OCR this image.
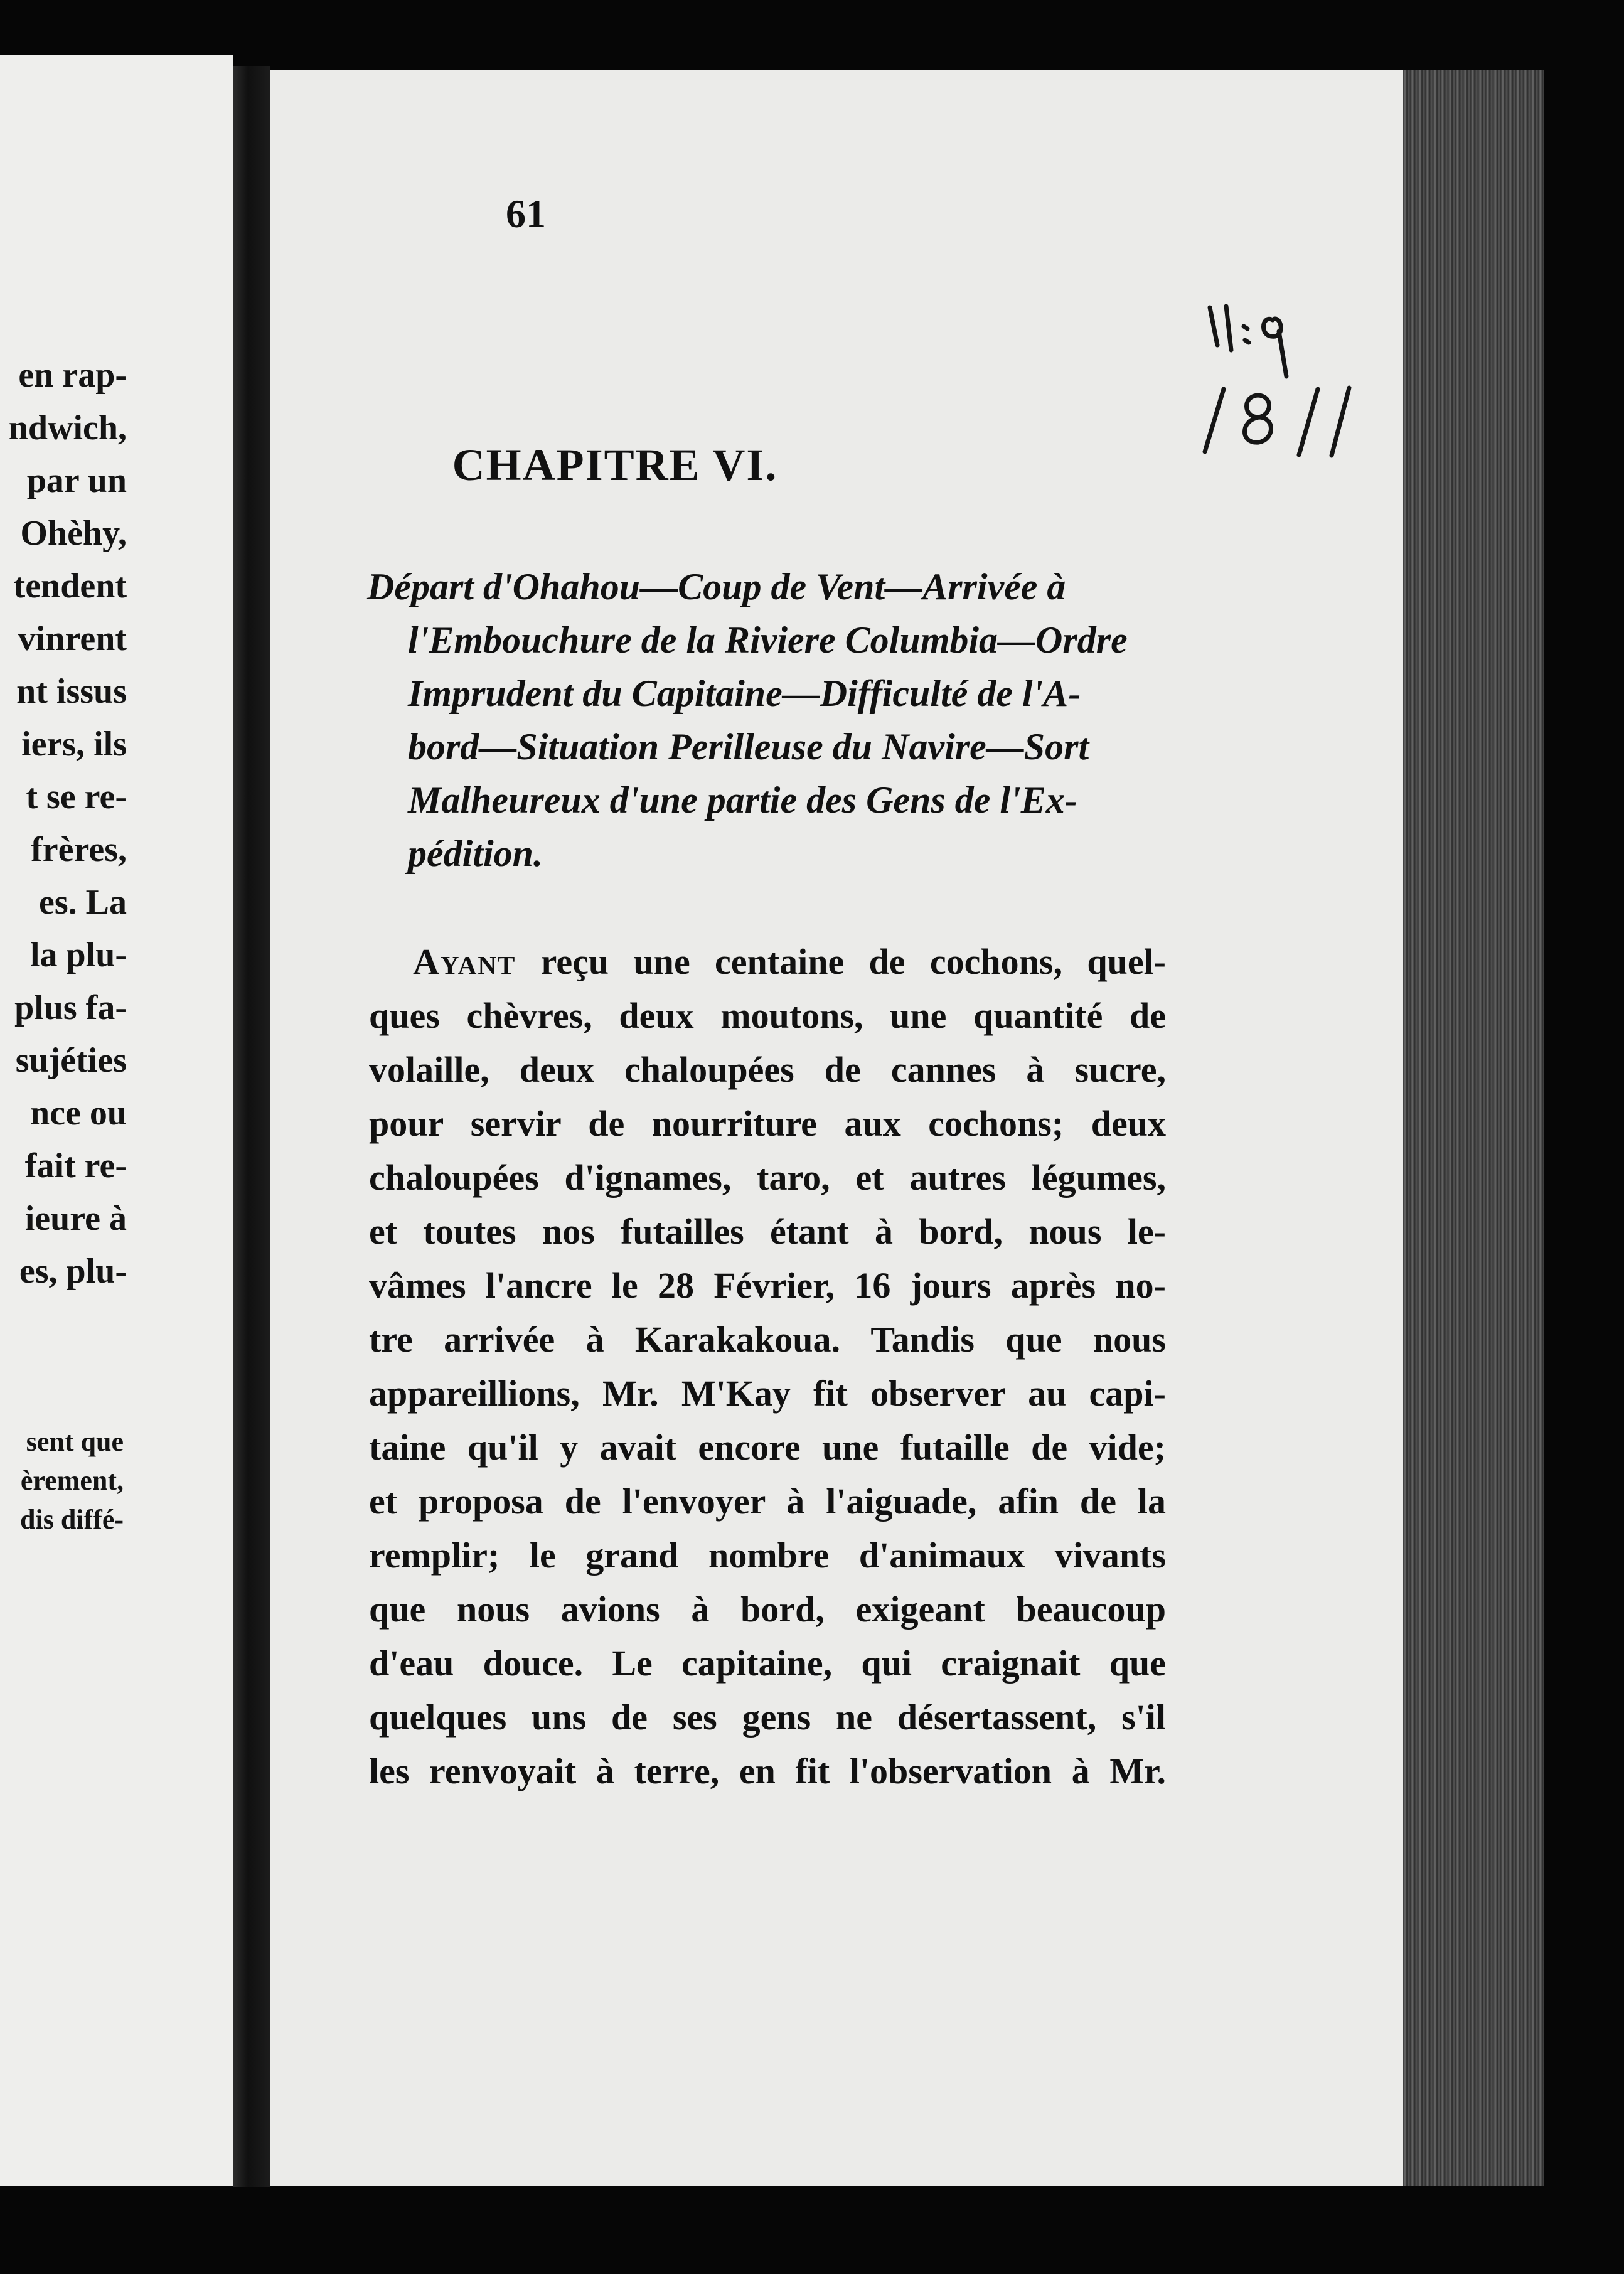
en rap-
ndwich,
par un
Ohèhy,
tendent
vinrent
nt issus
iers, ils
t se re-
frères,
es. La
la plu-
plus fa-
sujéties
nce ou
fait re-
ieure à
es, plu-
sent que
èrement,
dis diffé-
61
CHAPITRE VI.
Départ d'Ohahou—Coup de Vent—Arrivée à
l'Embouchure de la Riviere Columbia—Ordre
Imprudent du Capitaine—Difficulté de l'A-
bord—Situation Perilleuse du Navire—Sort
Malheureux d'une partie des Gens de l'Ex-
pédition.
Ayant reçu une centaine de cochons, quel-
ques chèvres, deux moutons, une quantité de
volaille, deux chaloupées de cannes à sucre,
pour servir de nourriture aux cochons; deux
chaloupées d'ignames, taro, et autres légumes,
et toutes nos futailles étant à bord, nous le-
vâmes l'ancre le 28 Février, 16 jours après no-
tre arrivée à Karakakoua. Tandis que nous
appareillions, Mr. M'Kay fit observer au capi-
taine qu'il y avait encore une futaille de vide;
et proposa de l'envoyer à l'aiguade, afin de la
remplir; le grand nombre d'animaux vivants
que nous avions à bord, exigeant beaucoup
d'eau douce. Le capitaine, qui craignait que
quelques uns de ses gens ne désertassent, s'il
les renvoyait à terre, en fit l'observation à Mr.
